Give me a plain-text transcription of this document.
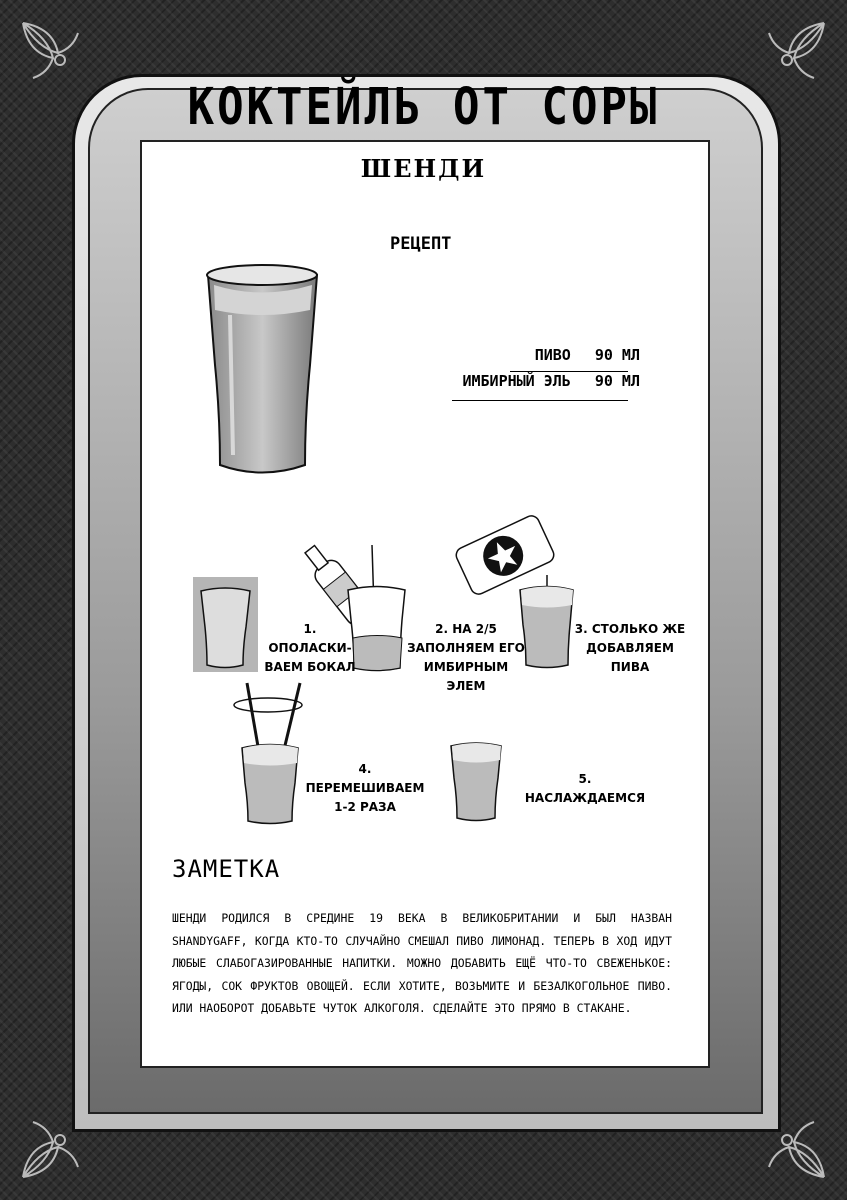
КОКТЕЙЛЬ ОТ СОРЫ
ШЕНДИ
РЕЦЕПТ
ПИВО 90 МЛ
ИМБИРНЫЙ ЭЛЬ 90 МЛ
1. ОПОЛАСКИ-
ВАЕМ БОКАЛ
2. НА 2/5
ЗАПОЛНЯЕМ ЕГО
ИМБИРНЫМ ЭЛЕМ
3. СТОЛЬКО ЖЕ
ДОБАВЛЯЕМ ПИВА
4. ПЕРЕМЕШИВАЕМ
1-2 РАЗА
5. НАСЛАЖДАЕМСЯ
ЗАМЕТКА
ШЕНДИ РОДИЛСЯ В СРЕДИНЕ 19 ВЕКА В ВЕЛИКОБРИТАНИИ И БЫЛ НАЗВАН SHANDYGAFF, КОГДА КТО-ТО СЛУЧАЙНО СМЕШАЛ ПИВО ЛИМОНАД. ТЕПЕРЬ В ХОД ИДУТ ЛЮБЫЕ СЛАБОГАЗИРОВАННЫЕ НАПИТКИ. МОЖНО ДОБАВИТЬ ЕЩЁ ЧТО-ТО СВЕЖЕНЬКОЕ: ЯГОДЫ, СОК ФРУКТОВ ОВОЩЕЙ. ЕСЛИ ХОТИТЕ, ВОЗЬМИТЕ И БЕЗАЛКОГОЛЬНОЕ ПИВО. ИЛИ НАОБОРОТ ДОБАВЬТЕ ЧУТОК АЛКОГОЛЯ. СДЕЛАЙТЕ ЭТО ПРЯМО В СТАКАНЕ.
